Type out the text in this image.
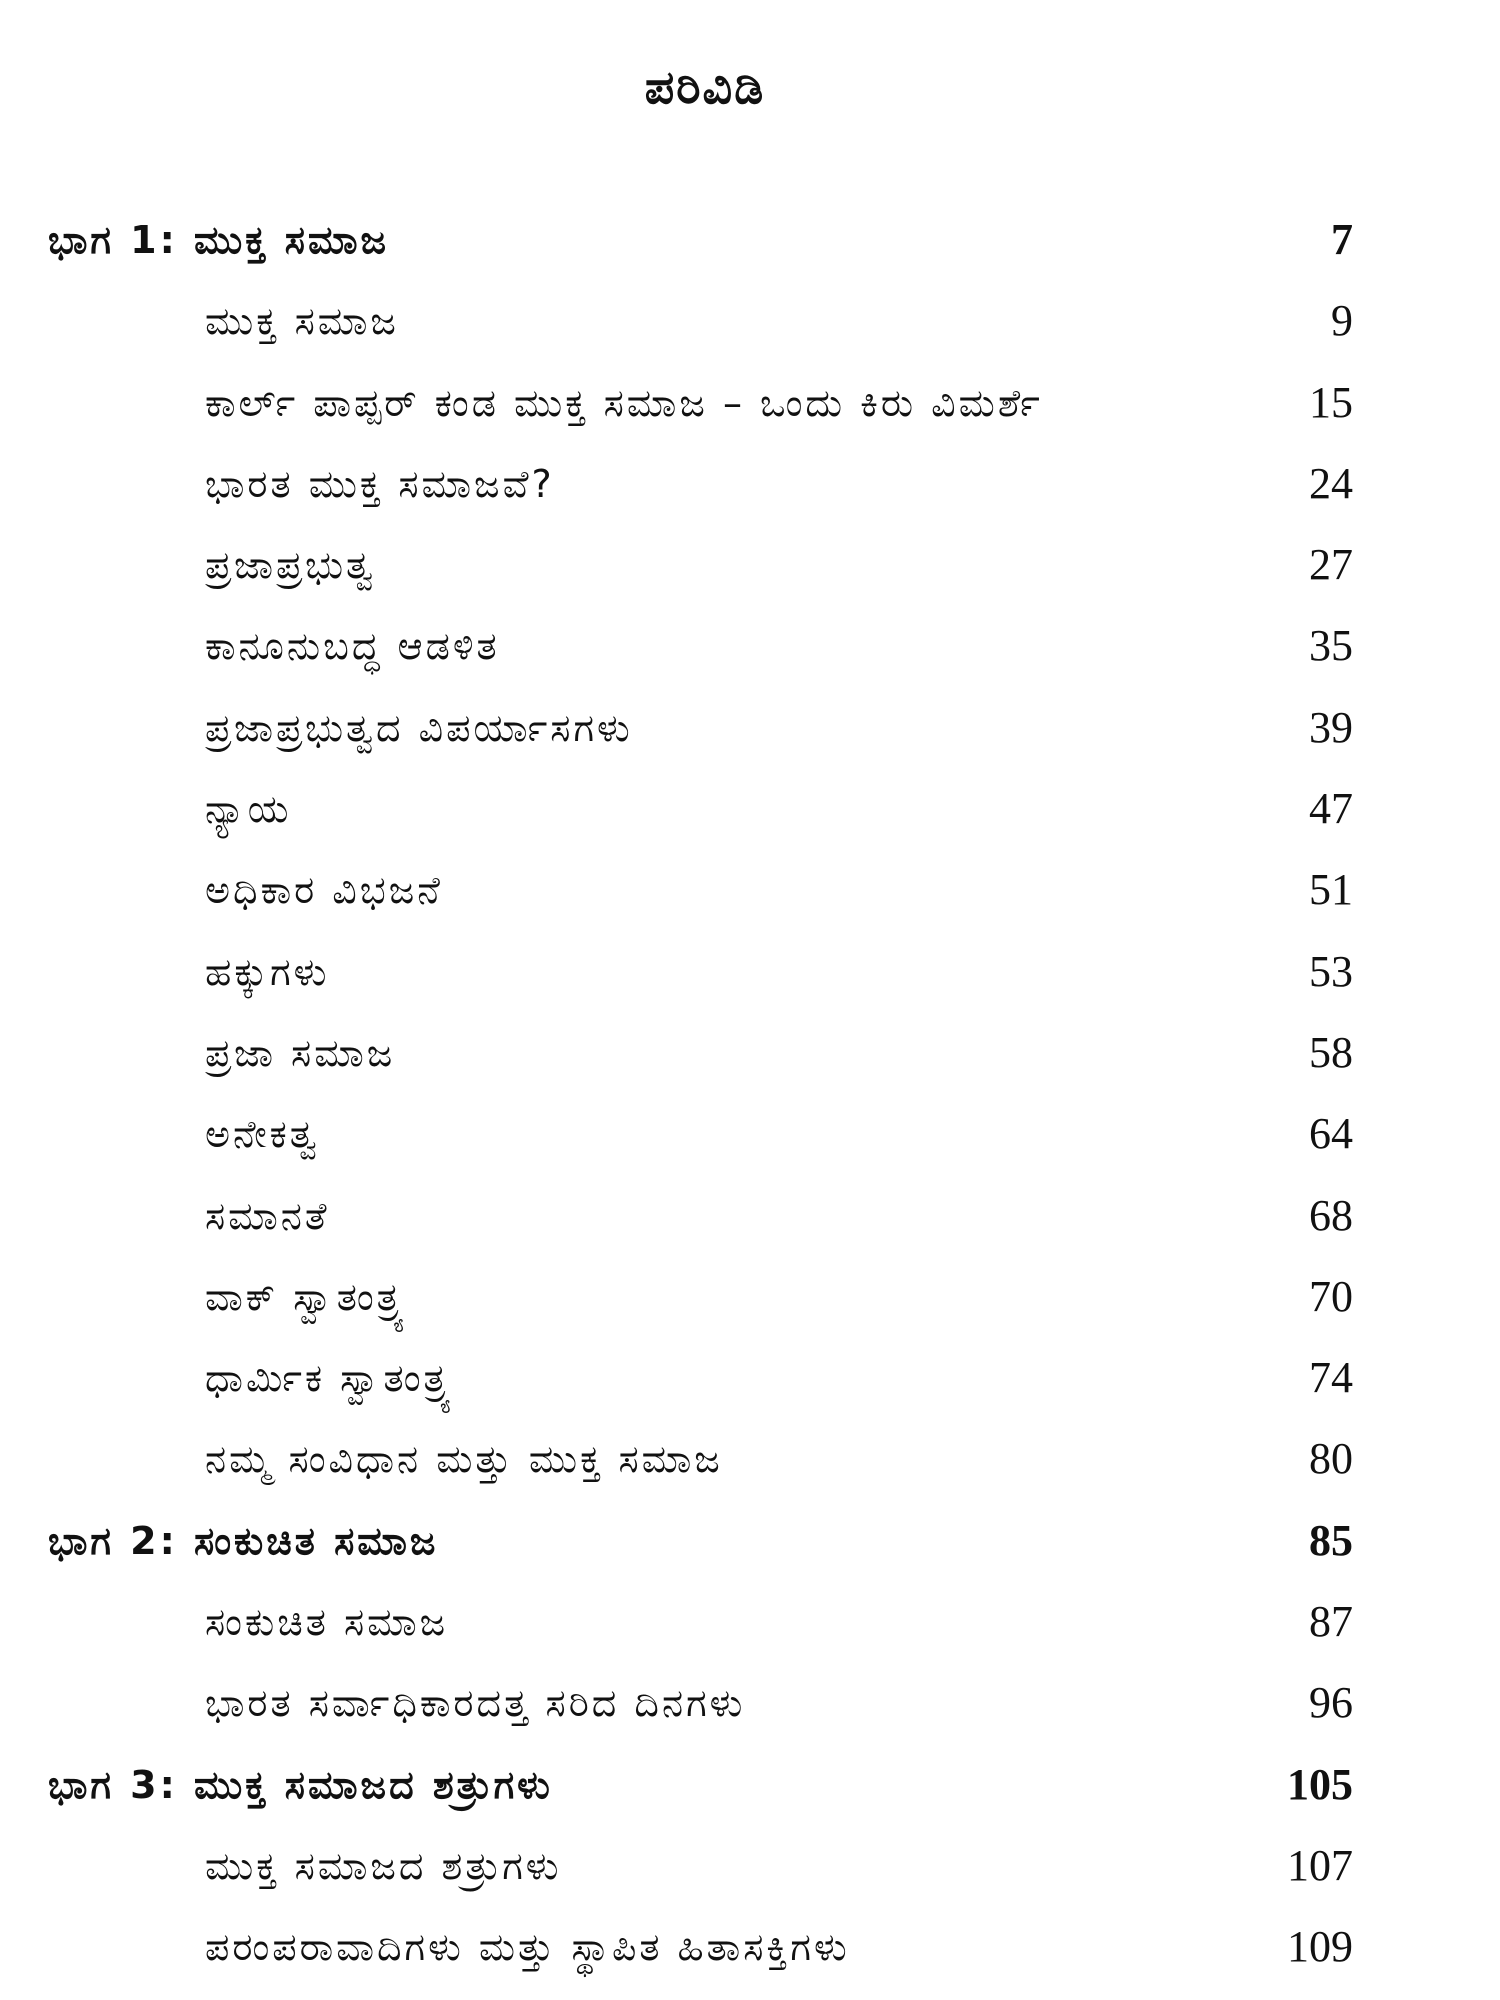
ಪರಿವಿಡಿ
ಭಾಗ 1: ಮುಕ್ತ ಸಮಾಜ	7
ಮುಕ್ತ ಸಮಾಜ	9
ಕಾರ್ಲ್ ಪಾಪ್ಪರ್ ಕಂಡ ಮುಕ್ತ ಸಮಾಜ – ಒಂದು ಕಿರು ವಿಮರ್ಶೆ	15
ಭಾರತ ಮುಕ್ತ ಸಮಾಜವೆ?	24
ಪ್ರಜಾಪ್ರಭುತ್ವ	27
ಕಾನೂನುಬದ್ಧ ಆಡಳಿತ	35
ಪ್ರಜಾಪ್ರಭುತ್ವದ ವಿಪರ್ಯಾಸಗಳು	39
ನ್ಯಾಯ	47
ಅಧಿಕಾರ ವಿಭಜನೆ	51
ಹಕ್ಕುಗಳು	53
ಪ್ರಜಾ ಸಮಾಜ	58
ಅನೇಕತ್ವ	64
ಸಮಾನತೆ	68
ವಾಕ್ ಸ್ವಾತಂತ್ರ್ಯ	70
ಧಾರ್ಮಿಕ ಸ್ವಾತಂತ್ರ್ಯ	74
ನಮ್ಮ ಸಂವಿಧಾನ ಮತ್ತು ಮುಕ್ತ ಸಮಾಜ	80
ಭಾಗ 2: ಸಂಕುಚಿತ ಸಮಾಜ	85
ಸಂಕುಚಿತ ಸಮಾಜ	87
ಭಾರತ ಸರ್ವಾಧಿಕಾರದತ್ತ ಸರಿದ ದಿನಗಳು	96
ಭಾಗ 3: ಮುಕ್ತ ಸಮಾಜದ ಶತ್ರುಗಳು	105
ಮುಕ್ತ ಸಮಾಜದ ಶತ್ರುಗಳು	107
ಪರಂಪರಾವಾದಿಗಳು ಮತ್ತು ಸ್ಥಾಪಿತ ಹಿತಾಸಕ್ತಿಗಳು	109
